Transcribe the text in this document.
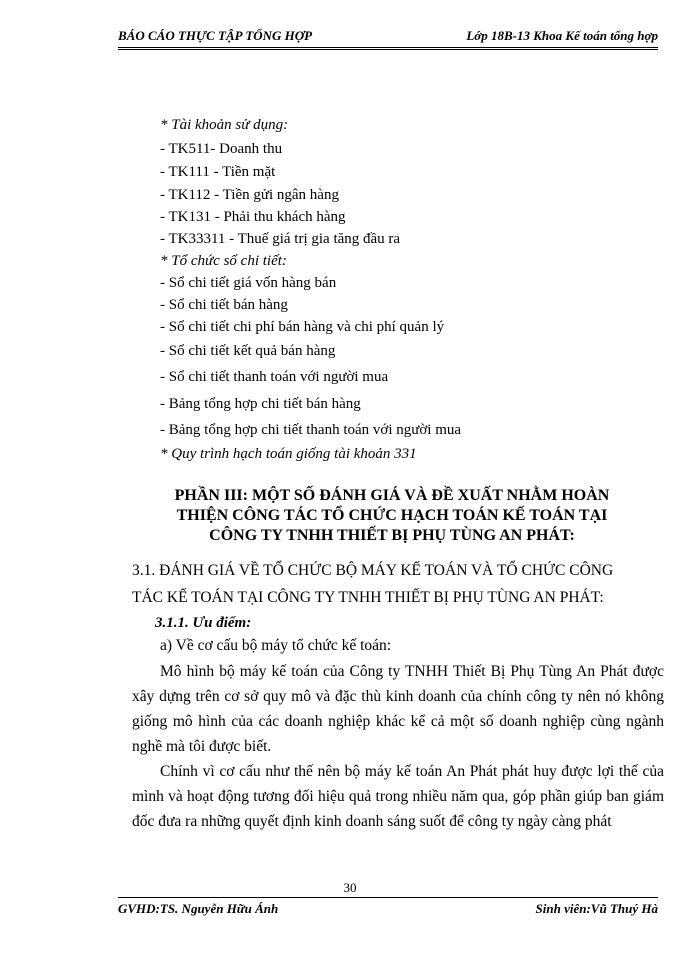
BÁO CÁO THỰC TẬP TỔNG HỢP	Lớp 18B-13 Khoa Kế toán tổng hợp
* Tài khoản sử dụng:
- TK511- Doanh thu
- TK111 - Tiền mặt
- TK112 - Tiền gửi ngân hàng
- TK131 - Phải thu khách hàng
- TK33311 - Thuế giá trị gia tăng đầu ra
* Tổ chức sổ chi tiết:
- Sổ chi tiết giá vốn hàng bán
- Sổ chi tiết bán hàng
- Sổ chi tiết chi phí bán hàng và chi phí quản lý
- Sổ chi tiết kết quả bán hàng
- Sổ chi tiết thanh toán với người mua
- Bảng tổng hợp chi tiết bán hàng
- Bảng tổng hợp chi tiết thanh toán với người mua
* Quy trình hạch toán giống tài khoản 331
PHẦN III: MỘT SỐ ĐÁNH GIÁ VÀ ĐỀ XUẤT NHẰM HOÀN
THIỆN CÔNG TÁC TỔ CHỨC HẠCH TOÁN KẾ TOÁN TẠI
CÔNG TY TNHH THIẾT BỊ PHỤ TÙNG AN PHÁT:
3.1. ĐÁNH GIÁ VỀ TỔ CHỨC BỘ MÁY KẾ TOÁN VÀ TỔ CHỨC CÔNG
TÁC KẾ TOÁN TẠI CÔNG TY TNHH THIẾT BỊ PHỤ TÙNG AN PHÁT:
3.1.1. Ưu điểm:
a) Về cơ cấu bộ máy tổ chức kế toán:
Mô hình bộ máy kế toán của Công ty TNHH Thiết Bị Phụ Tùng An Phát được xây dựng trên cơ sở quy mô và đặc thù kinh doanh của chính công ty nên nó không giống mô hình của các doanh nghiệp khác kể cả một số doanh nghiệp cùng ngành nghề mà tôi được biết.
Chính vì cơ cấu như thế nên bộ máy kế toán An Phát phát huy được lợi thế của mình và hoạt động tương đối hiệu quả trong nhiều năm qua, góp phần giúp ban giám đốc đưa ra những quyết định kinh doanh sáng suốt để công ty ngày càng phát
30
GVHD:TS. Nguyễn Hữu Ánh	Sinh viên:Vũ Thuý Hà
